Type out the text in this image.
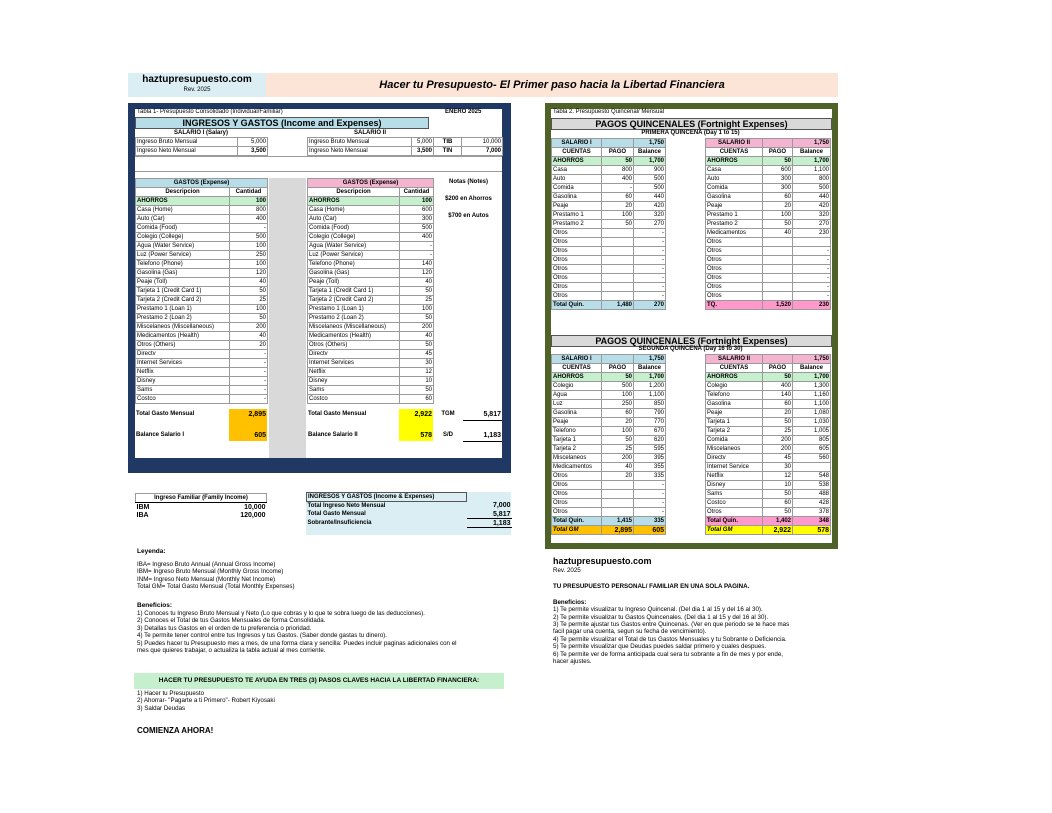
haztupresupuesto.com
Rev. 2025	Hacer tu Presupuesto- El Primer paso hacia la Libertad Financiera
Tabla 1- Presupuesto Consolidado (Individual/Familiar)	ENERO 2025
INGRESOS Y GASTOS (Income and Expenses)
SALARIO I (Salary)		SALARIO II		
Ingreso Bruto Mensual	5,000		Ingreso Bruto Mensual	5,000	TIB	10,000
Ingreso Neto Mensual	3,500		Ingreso Neto Mensual	3,500	TIN	7,000
GASTOS (Expense)	
Descripcion	Cantidad
AHORROS	100
Casa (Home)	800
Auto (Car)	400
Comida (Food)	-
Colegio (College)	500
Agua (Water Service)	100
Luz (Power Service)	250
Telefono (Phone)	100
Gasolina (Gas)	120
Peaje (Toll)	40
Tarjeta 1 (Credit Card 1)	50
Tarjeta 2 (Credit Card 2)	25
Prestamo 1 (Loan 1)	100
Prestamo 2 (Loan 2)	50
Miscelaneos (Miscellaneous)	200
Medicamentos (Health)	40
Otros (Others)	20
Directv	-
Internet Services	-
Netflix	-
Disney	-
Sams	-
Costco	-
GASTOS (Expense)	
Descripcion	Cantidad
AHORROS	100
Casa (Home)	600
Auto (Car)	300
Comida (Food)	500
Colegio (College)	400
Agua (Water Service)	-
Luz (Power Service)	-
Telefono (Phone)	140
Gasolina (Gas)	120
Peaje (Toll)	40
Tarjeta 1 (Credit Card 1)	50
Tarjeta 2 (Credit Card 2)	25
Prestamo 1 (Loan 1)	100
Prestamo 2 (Loan 2)	50
Miscelaneos (Miscellaneous)	200
Medicamentos (Health)	40
Otros (Others)	50
Directv	45
Internet Services	30
Netflix	12
Disney	10
Sams	50
Costco	60
Notas (Notes)
$200 en Ahorros
$700 en Autos
Total Gasto Mensual	2,895		Total Gasto Mensual	2,922	TGM	5,817

Balance Salario I	605		Balance Salario II	578	S/D	1,183
Ingreso Familiar (Family Income)	
IBM	10,000
IBA	120,000
INGRESOS Y GASTOS (Income & Expenses)	
Total Ingreso Neto Mensual	7,000
Total Gasto Mensual	5,817
Sobrante/Insuficiencia	1,183
Leyenda:
IBA= Ingreso Bruto Annual (Annual Gross Income)
IBM= Ingreso Bruto Mensual (Monthly Gross Income)
INM= Ingreso Neto Mensual (Monthly Net Income)
Total GM= Total Gasto Mensual (Total Monthly Expenses)
Beneficios:
1) Conoces tu Ingreso Bruto Mensual y Neto (Lo que cobras y lo que te sobra luego de las deducciones).
2) Conoces el Total de tus Gastos Mensuales de forma Consolidada.
3) Detallas tus Gastos en el orden de tu preferencia o prioridad.
4) Te permite tener control entre tus Ingresos y tus Gastos. (Saber donde gastas tu dinero).
5) Puedes hacer tu Presupuesto mes a mes, de una forma clara y sencilla: Puedes incluir paginas adicionales con el
mes que quieres trabajar, o actualiza la tabla actual al mes corriente.
HACER TU PRESUPUESTO TE AYUDA EN TRES (3) PASOS CLAVES HACIA LA LIBERTAD FINANCIERA:
1) Hacer tu Presupuesto
2) Ahorrar- "Pagarte a ti Primero"- Robert Kiyosaki
3) Saldar Deudas
COMIENZA AHORA!
Tabla 2. Presupuesto Quincenal/ Mensual
PAGOS QUINCENALES (Fortnight Expenses)
PRIMERA QUINCENA (Day 1 to 15)
SALARIO I		1,750	
CUENTAS	PAGO	Balance	
AHORROS	50	1,700	
Casa	800	900	
Auto	400	500	
Comida	-	500	
Gasolina	60	440	
Peaje	20	420	
Prestamo 1	100	320	
Prestamo 2	50	270	
Otros		-	
Otros		-	
Otros		-	
Otros		-	
Otros		-	
Otros		-	
Otros		-	
Otros		-	
Total Quin.	1,480	270	
SALARIO II		1,750
CUENTAS	PAGO	Balance
AHORROS	50	1,700
Casa	600	1,100
Auto	300	800
Comida	300	500
Gasolina	60	440
Peaje	20	420
Prestamo 1	100	320
Prestamo 2	50	270
Medicamentos	40	230
Otros		
Otros		-
Otros		-
Otros		-
Otros		-
Otros		-
Otros		-
TQ.	1,520	230
PAGOS QUINCENALES (Fortnight Expenses)
SEGUNDA QUINCENA (Day 16 to 30)
SALARIO I		1,750	
CUENTAS	PAGO	Balance	
AHORROS	50	1,700	
Colegio	500	1,200	
Agua	100	1,100	
Luz	250	850	
Gasolina	60	790	
Peaje	20	770	
Telefono	100	670	
Tarjeta 1	50	620	
Tarjeta 2	25	595	
Miscelaneos	200	395	
Medicamentos	40	355	
Otros	20	335	
Otros		-	
Otros		-	
Otros		-	
Otros		-	
Total Quin.	1,415	335	
Total GM	2,895	605	
SALARIO II		1,750
CUENTAS	PAGO	Balance
AHORROS	50	1,700
Colegio	400	1,300
Telefono	140	1,160
Gasolina	60	1,100
Peaje	20	1,080
Tarjeta 1	50	1,030
Tarjeta 2	25	1,005
Comida	200	805
Miscelaneos	200	605
Directv	45	560
Internet Service	30	
Netflix	12	548
Disney	10	538
Sams	50	488
Costco	60	428
Otros	50	378
Total Quin.	1,402	348
Total GM	2,922	578
haztupresupuesto.com
Rev. 2025
TU PRESUPUESTO PERSONAL/ FAMILIAR EN UNA SOLA PAGINA.
Beneficios:
1) Te permite visualizar tu Ingreso Quincenal. (Del dia 1 al 15 y del 16 al 30).
2) Te permite visualizar tu Gastos Quincenales. (Del dia 1 al 15 y del 16 al 30).
3) Te permite ajustar tus Gastos entre Quincenas. (Ver en que periodo se te hace mas
facil pagar una cuenta, segun su fecha de vencimiento).
4) Te permite visualizar el Total de tus Gastos Mensuales y tu Sobrante o Deficiencia.
5) Te permite visualizar que Deudas puedes saldar primero y cuales despues.
6) Te permite ver de forma anticipada cual sera tu sobrante a fin de mes y por ende,
hacer ajustes.
